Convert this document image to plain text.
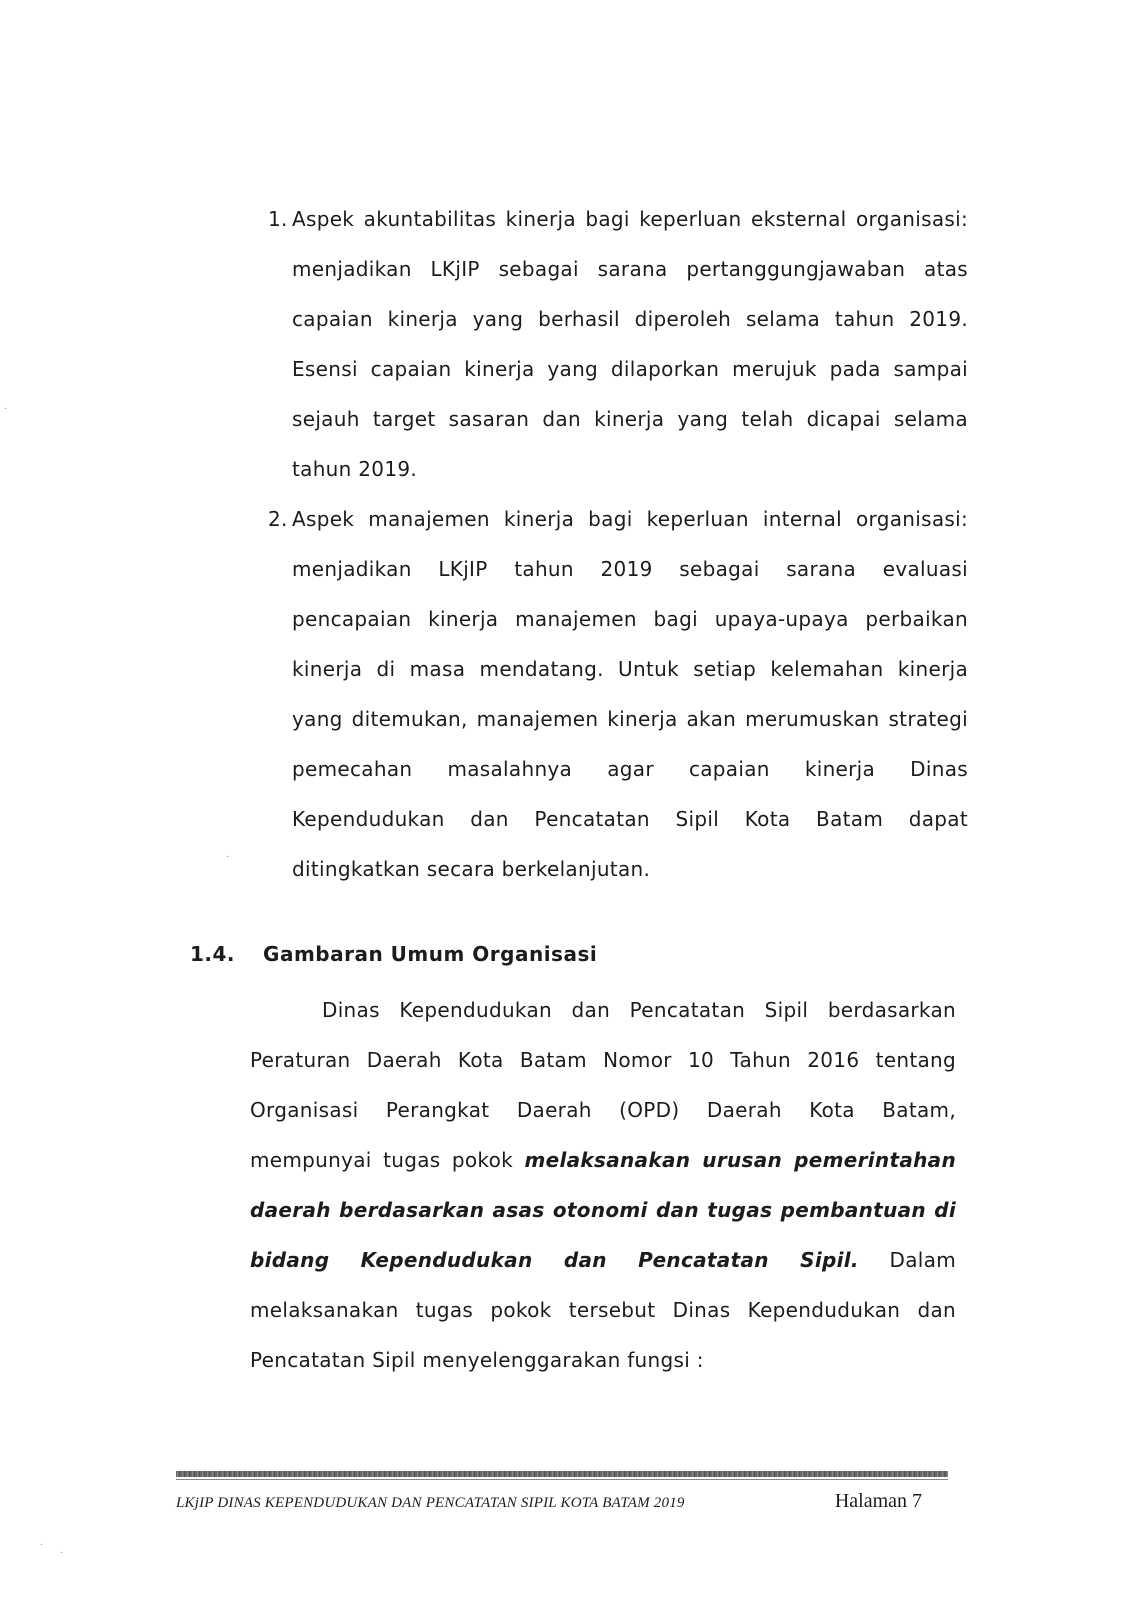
1. Aspek akuntabilitas kinerja bagi keperluan eksternal organisasi: menjadikan LKjIP sebagai sarana pertanggungjawaban atas capaian kinerja yang berhasil diperoleh selama tahun 2019. Esensi capaian kinerja yang dilaporkan merujuk pada sampai sejauh target sasaran dan kinerja yang telah dicapai selama tahun 2019.
2. Aspek manajemen kinerja bagi keperluan internal organisasi: menjadikan LKjIP tahun 2019 sebagai sarana evaluasi pencapaian kinerja manajemen bagi upaya-upaya perbaikan kinerja di masa mendatang. Untuk setiap kelemahan kinerja yang ditemukan, manajemen kinerja akan merumuskan strategi pemecahan masalahnya agar capaian kinerja Dinas Kependudukan dan Pencatatan Sipil Kota Batam dapat ditingkatkan secara berkelanjutan.
1.4. Gambaran Umum Organisasi

Dinas Kependudukan dan Pencatatan Sipil berdasarkan Peraturan Daerah Kota Batam Nomor 10 Tahun 2016 tentang Organisasi Perangkat Daerah (OPD) Daerah Kota Batam, mempunyai tugas pokok melaksanakan urusan pemerintahan daerah berdasarkan asas otonomi dan tugas pembantuan di bidang Kependudukan dan Pencatatan Sipil. Dalam melaksanakan tugas pokok tersebut Dinas Kependudukan dan Pencatatan Sipil menyelenggarakan fungsi :

LKjIP DINAS KEPENDUDUKAN DAN PENCATATAN SIPIL KOTA BATAM 2019	Halaman 7
·
·
·
·
